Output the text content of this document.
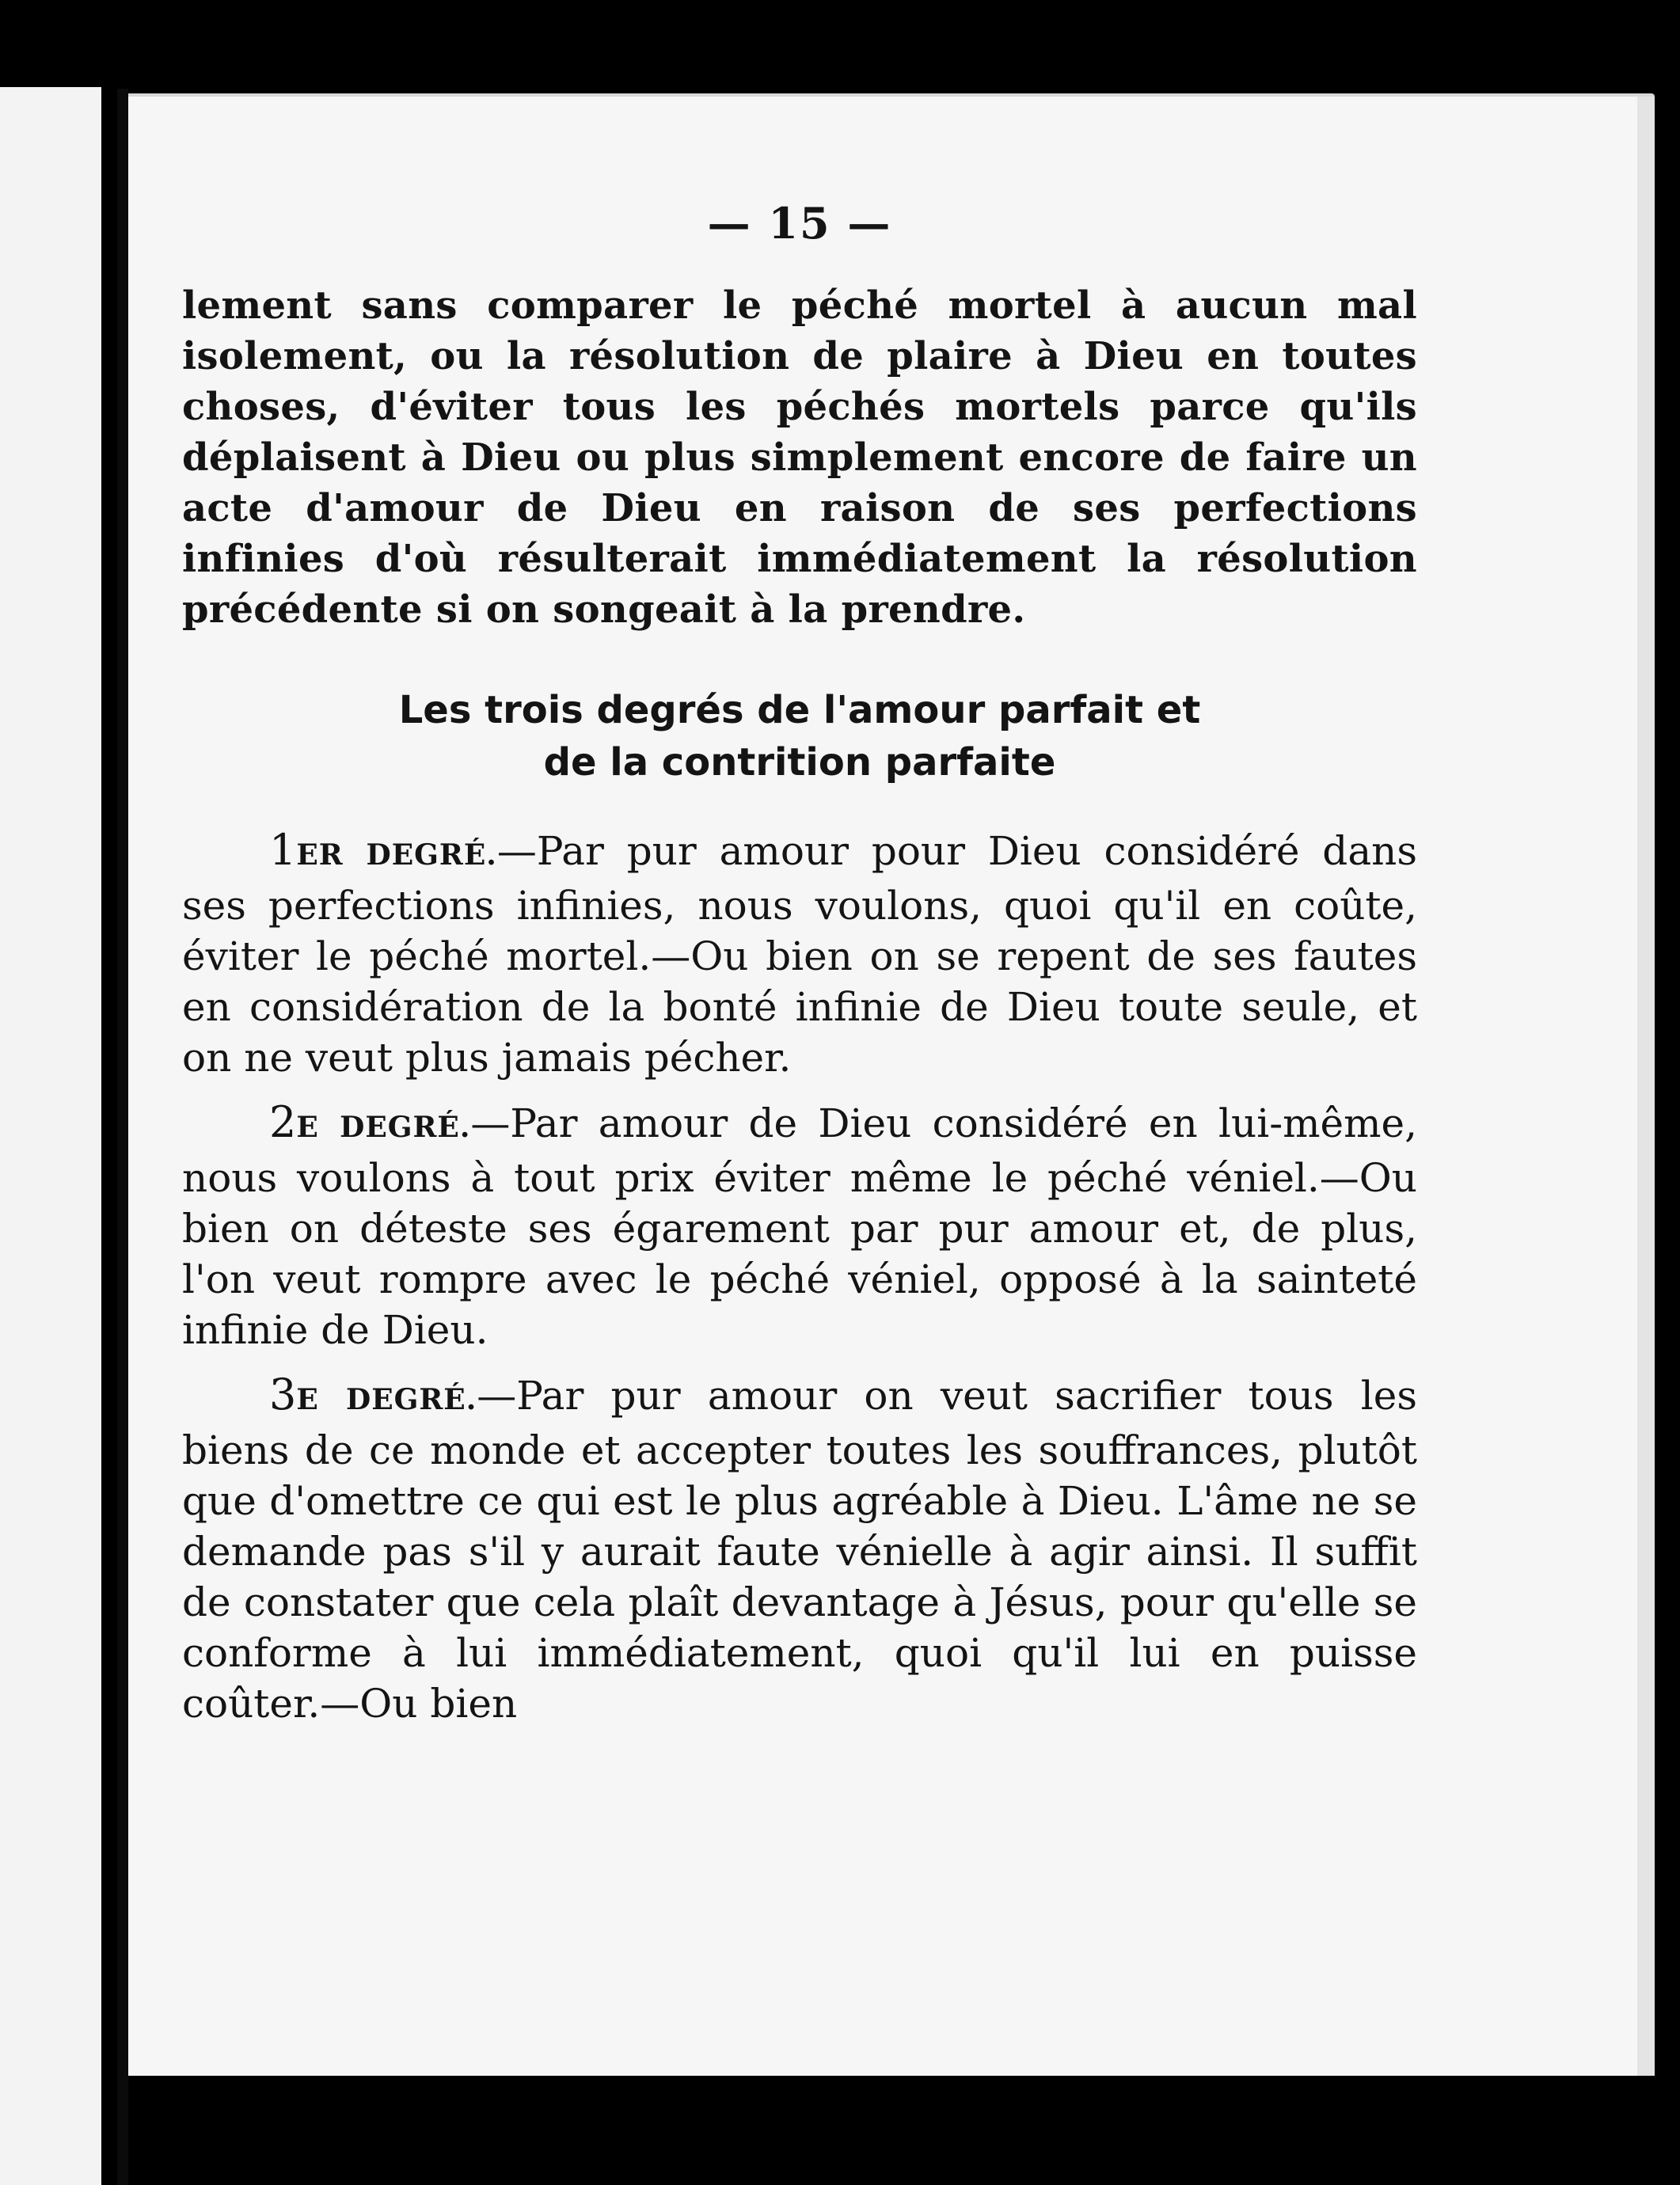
— 15 —

lement sans comparer le péché mortel à aucun mal isolement, ou la résolution de plaire à Dieu en toutes choses, d'éviter tous les péchés mortels parce qu'ils déplaisent à Dieu ou plus simplement encore de faire un acte d'amour de Dieu en raison de ses perfections infinies d'où résulterait immédiatement la résolution précédente si on songeait à la prendre.

Les trois degrés de l'amour parfait et
de la contrition parfaite

1ER DEGRÉ.—Par pur amour pour Dieu considéré dans ses perfections infinies, nous voulons, quoi qu'il en coûte, éviter le péché mortel.—Ou bien on se repent de ses fautes en considération de la bonté infinie de Dieu toute seule, et on ne veut plus jamais pécher.

2E DEGRÉ.—Par amour de Dieu considéré en lui-même, nous voulons à tout prix éviter même le péché véniel.—Ou bien on déteste ses égarement par pur amour et, de plus, l'on veut rompre avec le péché véniel, opposé à la sainteté infinie de Dieu.

3E DEGRÉ.—Par pur amour on veut sacrifier tous les biens de ce monde et accepter toutes les souffrances, plutôt que d'omettre ce qui est le plus agréable à Dieu. L'âme ne se demande pas s'il y aurait faute vénielle à agir ainsi. Il suffit de constater que cela plaît devantage à Jésus, pour qu'elle se conforme à lui immédiatement, quoi qu'il lui en puisse coûter.—Ou bien
